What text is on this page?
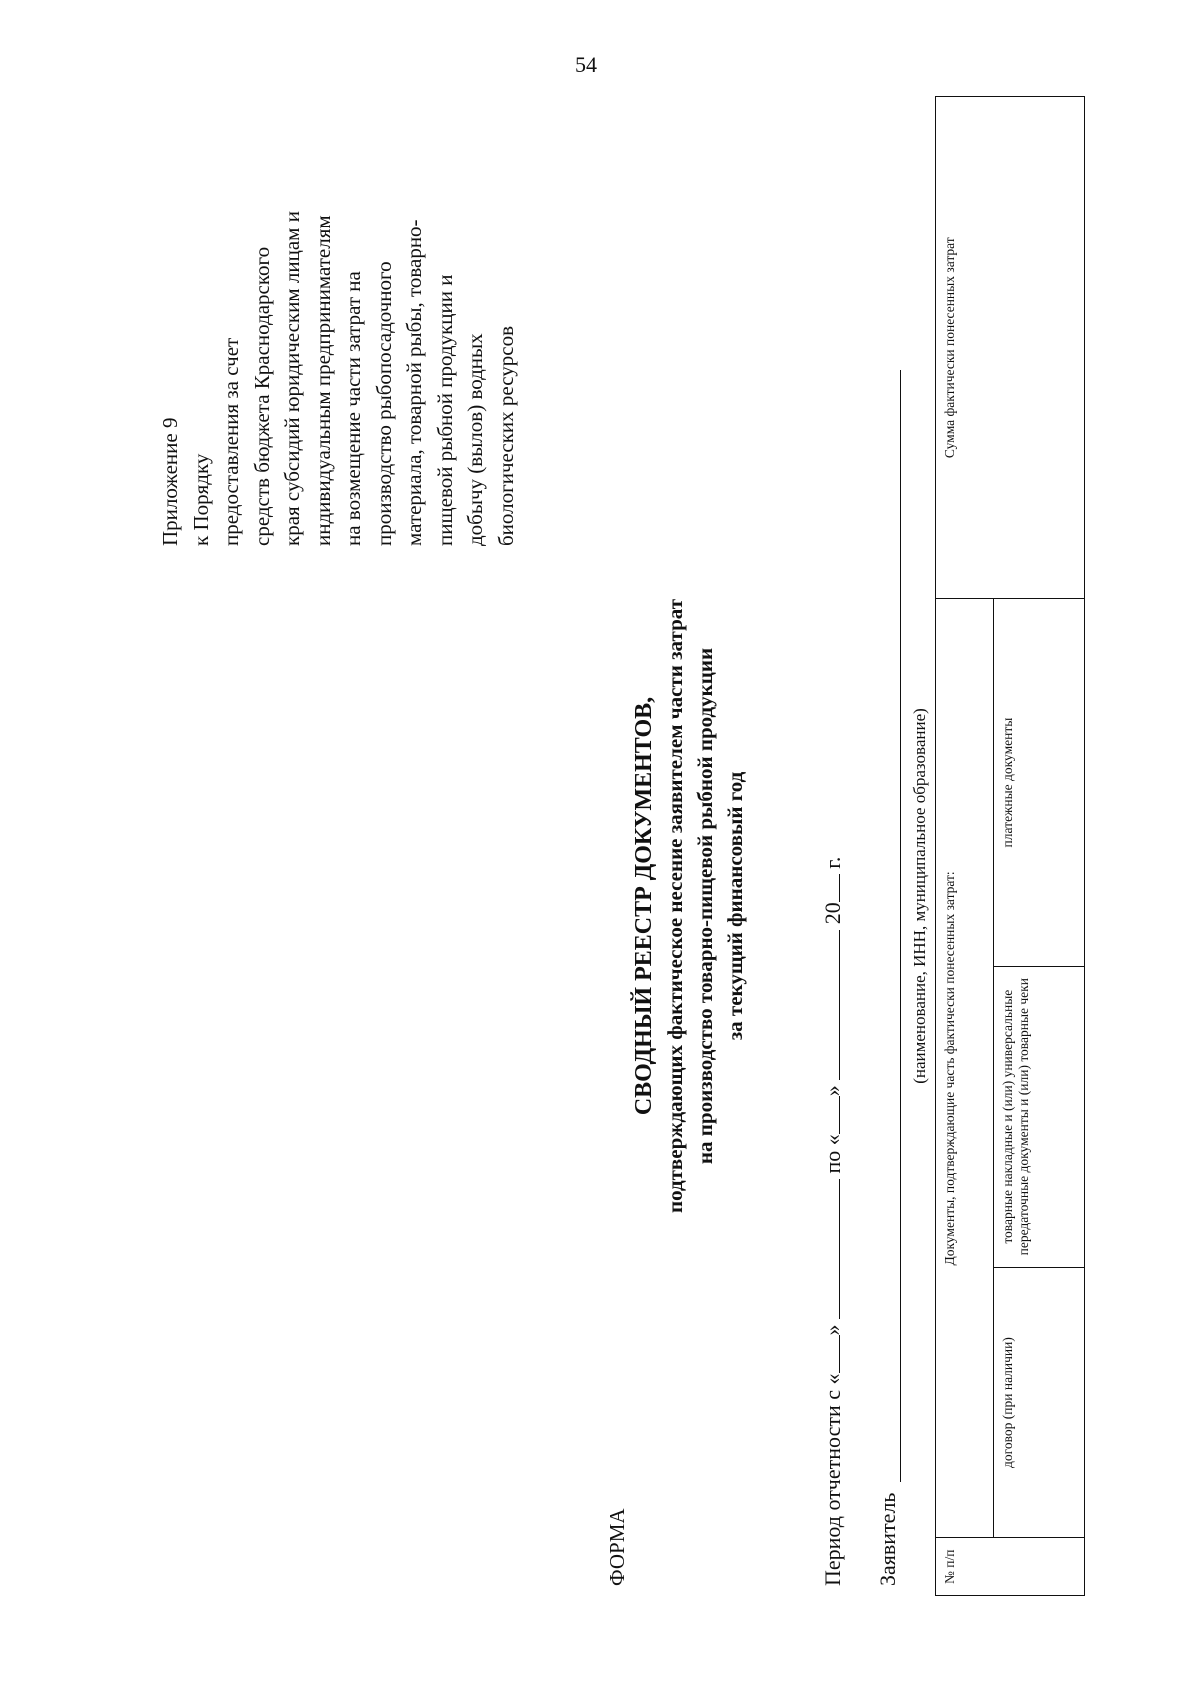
54
Приложение 9 к Порядку предоставления за счет средств бюджета Краснодарского края субсидий юридическим лицам и индивидуальным предпринимателям на возмещение части затрат на производство рыбопосадочного материала, товарной рыбы, товарно- пищевой рыбной продукции и добычу (вылов) водных биологических ресурсов
ФОРМА
СВОДНЫЙ РЕЕСТР ДОКУМЕНТОВ, подтверждающих фактическое несение заявителем части затрат на производство товарно-пищевой рыбной продукции за текущий финансовый год
Период отчетности с «»  по «»  20 г.
Заявитель
(наименование, ИНН, муниципальное образование)
№ п/п	Документы, подтверждающие часть фактически понесенных затрат:			Сумма фактически понесенных затрат
	договор (при наличии)	товарные накладные и (или) универсальные передаточные документы и (или) товарные чеки	платежные документы	
